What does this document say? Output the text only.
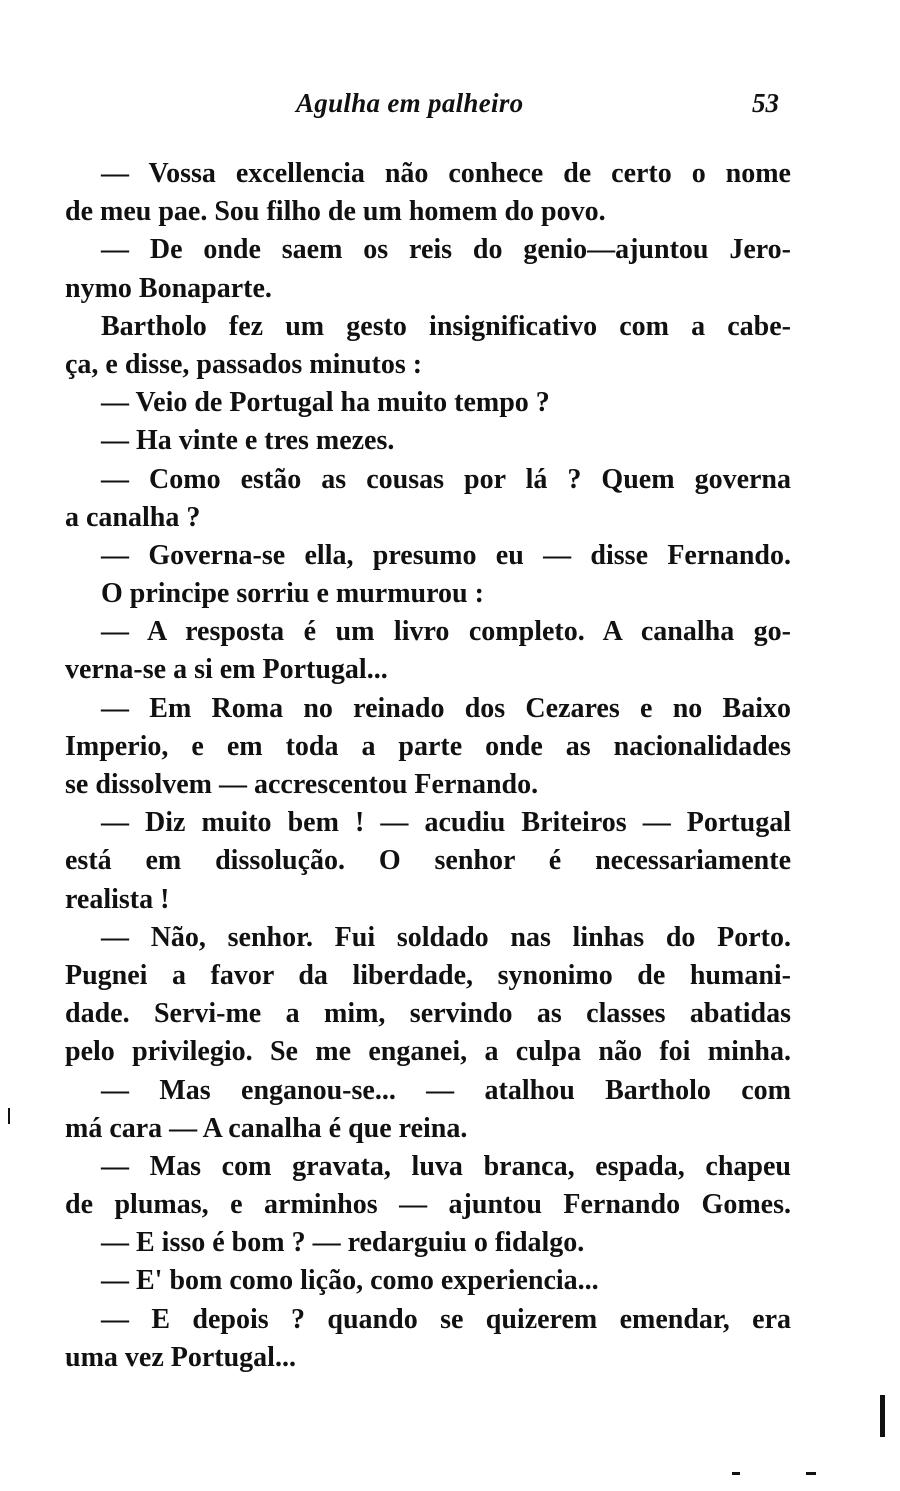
Agulha em palheiro	53
— Vossa excellencia não conhece de certo o nome
de meu pae. Sou filho de um homem do povo.
— De onde saem os reis do genio—ajuntou Jero-
nymo Bonaparte.
Bartholo fez um gesto insignificativo com a cabe-
ça, e disse, passados minutos :
— Veio de Portugal ha muito tempo ?
— Ha vinte e tres mezes.
— Como estão as cousas por lá ? Quem governa
a canalha ?
— Governa-se ella, presumo eu — disse Fernando.
O principe sorriu e murmurou :
— A resposta é um livro completo. A canalha go-
verna-se a si em Portugal...
— Em Roma no reinado dos Cezares e no Baixo
Imperio, e em toda a parte onde as nacionalidades
se dissolvem — accrescentou Fernando.
— Diz muito bem ! — acudiu Briteiros — Portugal
está em dissolução. O senhor é necessariamente
realista !
— Não, senhor. Fui soldado nas linhas do Porto.
Pugnei a favor da liberdade, synonimo de humani-
dade. Servi-me a mim, servindo as classes abatidas
pelo privilegio. Se me enganei, a culpa não foi minha.
— Mas enganou-se... — atalhou Bartholo com
má cara — A canalha é que reina.
— Mas com gravata, luva branca, espada, chapeu
de plumas, e arminhos — ajuntou Fernando Gomes.
— E isso é bom ? — redarguiu o fidalgo.
— E' bom como lição, como experiencia...
— E depois ? quando se quizerem emendar, era
uma vez Portugal...
